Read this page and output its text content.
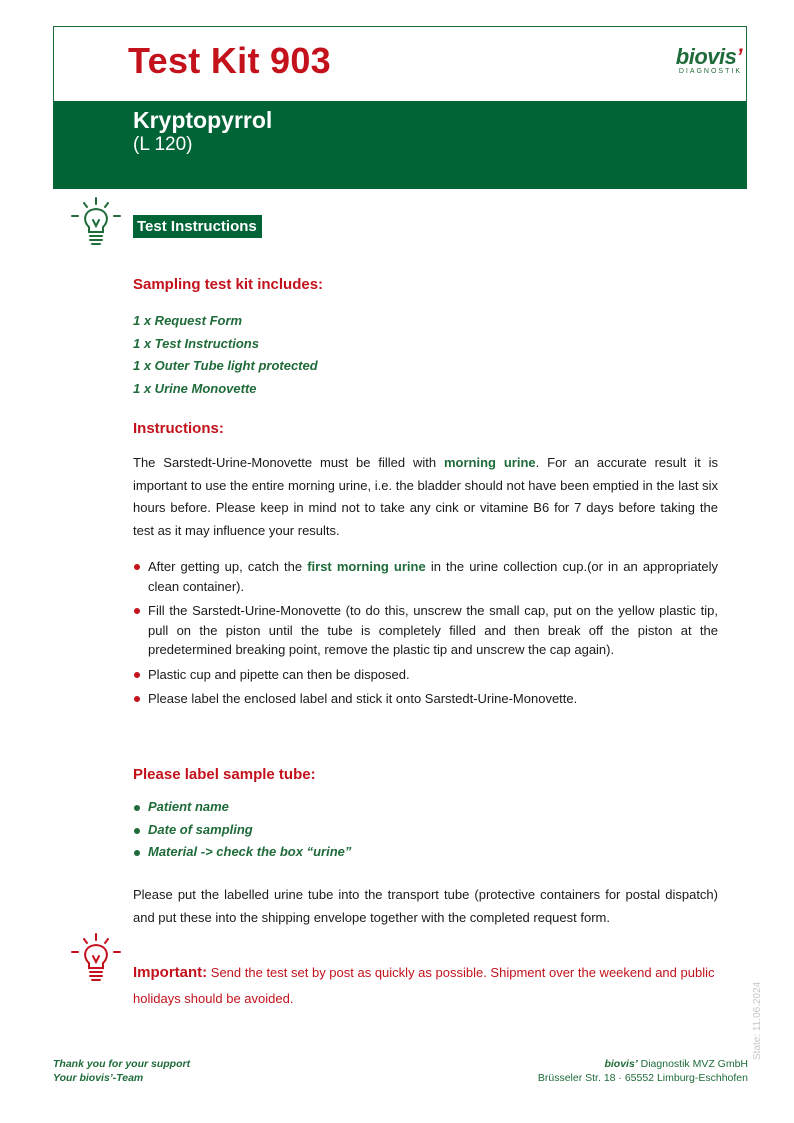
Test Kit 903	biovis’
DIAGNOSTIK
Kryptopyrrol
(L 120)
Test Instructions
Sampling test kit includes:
1 x Request Form
1 x Test Instructions
1 x Outer Tube light protected
1 x Urine Monovette
Instructions:

The Sarstedt-Urine-Monovette must be filled with morning urine. For an accurate result it is important to use the entire morning urine, i.e. the bladder should not have been emptied in the last six hours before. Please keep in mind not to take any cink or vitamine B6 for 7 days before taking the test as it may influence your results.

After getting up, catch the first morning urine in the urine collection cup.(or in an appropriately clean container).
Fill the Sarstedt-Urine-Monovette (to do this, unscrew the small cap, put on the yellow plastic tip, pull on the piston until the tube is completely filled and then break off the piston at the predetermined breaking point, remove the plastic tip and unscrew the cap again).
Plastic cup and pipette can then be disposed.
Please label the enclosed label and stick it onto Sarstedt-Urine-Monovette.
Please label sample tube:
Patient name
Date of sampling
Material -> check the box “urine”

Please put the labelled urine tube into the transport tube (protective containers for postal dispatch) and put these into the shipping envelope together with the completed request form.

Important: Send the test set by post as quickly as possible. Shipment over the weekend and public holidays should be avoided.	State: 11.06.2024
Thank you for your support
Your biovis’-Team
biovis’ Diagnostik MVZ GmbH
Brüsseler Str. 18 · 65552 Limburg-Eschhofen
